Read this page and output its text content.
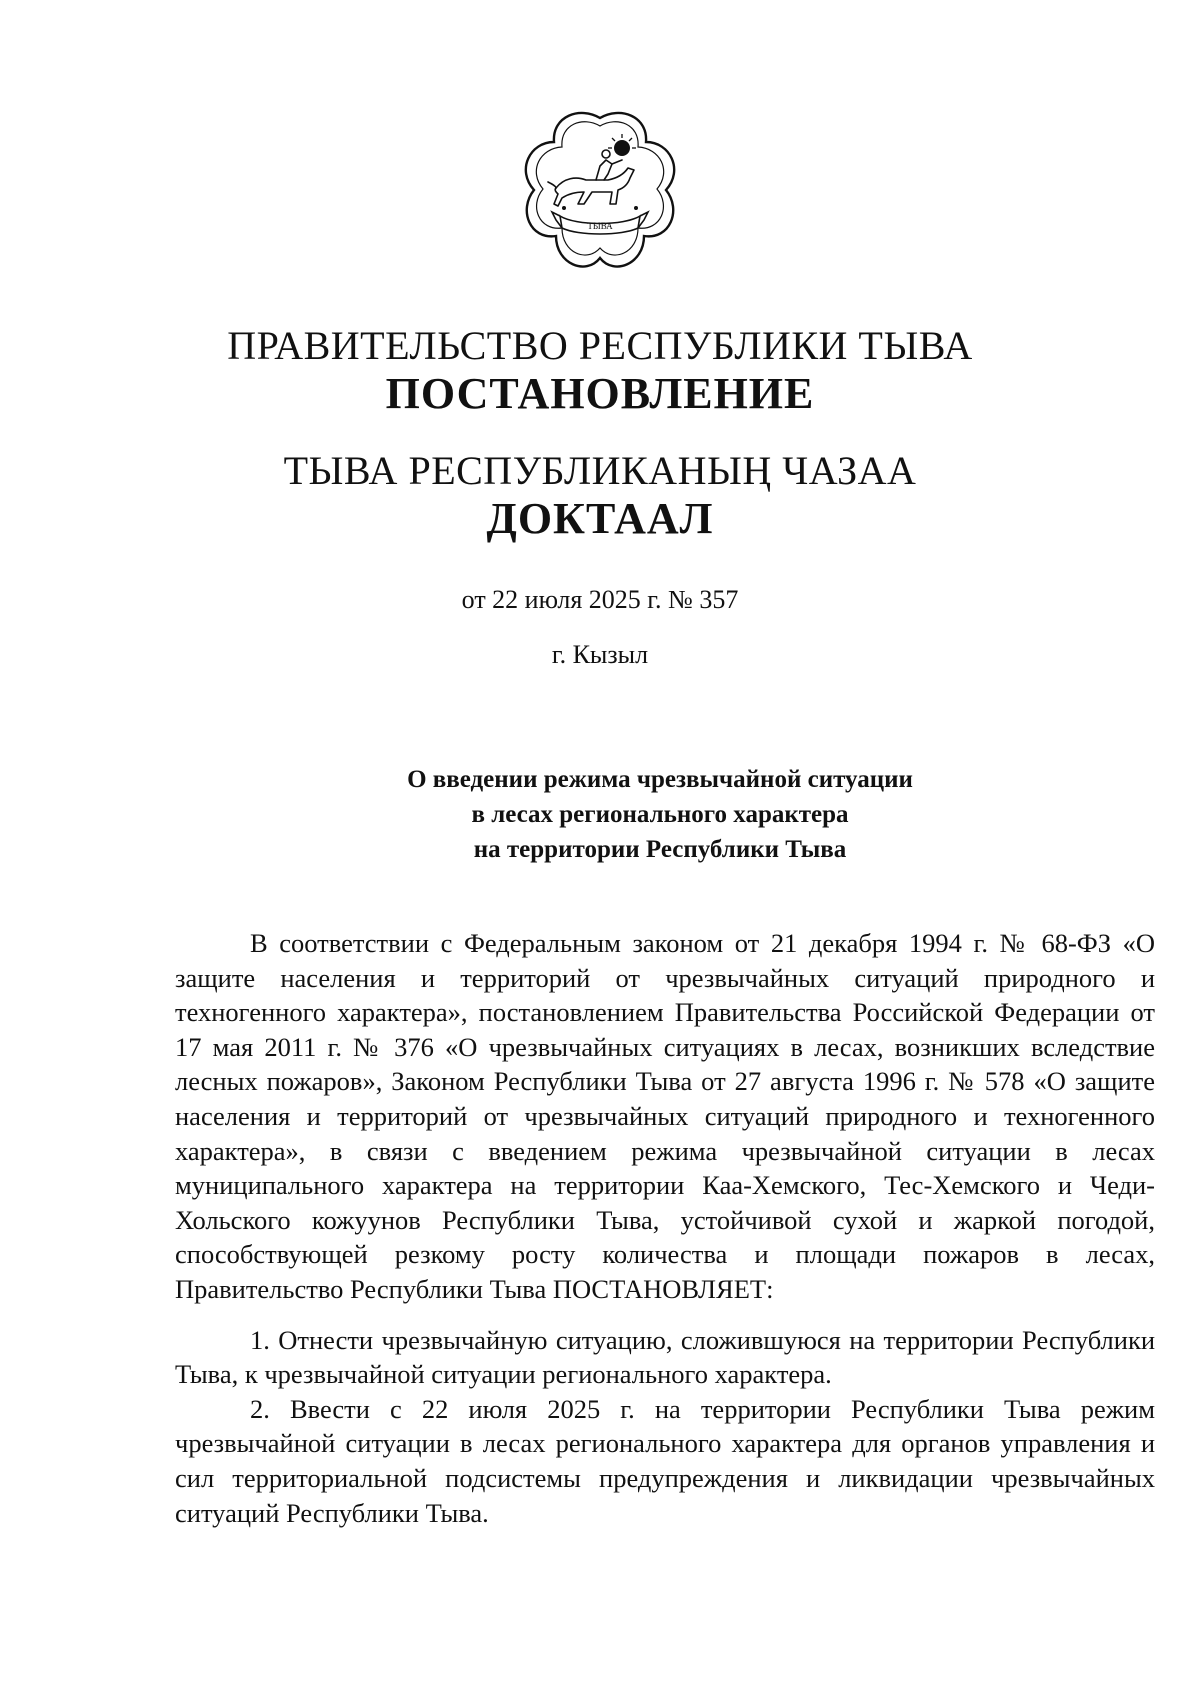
ТЫВА
ПРАВИТЕЛЬСТВО РЕСПУБЛИКИ ТЫВА
ПОСТАНОВЛЕНИЕ
ТЫВА РЕСПУБЛИКАНЫҢ ЧАЗАА
ДОКТААЛ
от 22 июля 2025 г. № 357
г. Кызыл
О введении режима чрезвычайной ситуации
в лесах регионального характера
на территории Республики Тыва

В соответствии с Федеральным законом от 21 декабря 1994 г. № 68-ФЗ «О защите населения и территорий от чрезвычайных ситуаций природного и техногенного характера», постановлением Правительства Российской Федерации от 17 мая 2011 г. № 376 «О чрезвычайных ситуациях в лесах, возникших вследствие лесных пожаров», Законом Республики Тыва от 27 августа 1996 г. № 578 «О защите населения и территорий от чрезвычайных ситуаций природного и техногенного характера», в связи с введением режима чрезвычайной ситуации в лесах муниципального характера на территории Каа-Хемского, Тес-Хемского и Чеди-Хольского кожуунов Республики Тыва, устойчивой сухой и жаркой погодой, способствующей резкому росту количества и площади пожаров в лесах, Правительство Республики Тыва ПОСТАНОВЛЯЕТ:

1. Отнести чрезвычайную ситуацию, сложившуюся на территории Республики Тыва, к чрезвычайной ситуации регионального характера.

2. Ввести с 22 июля 2025 г. на территории Республики Тыва режим чрезвычайной ситуации в лесах регионального характера для органов управления и сил территориальной подсистемы предупреждения и ликвидации чрезвычайных ситуаций Республики Тыва.
